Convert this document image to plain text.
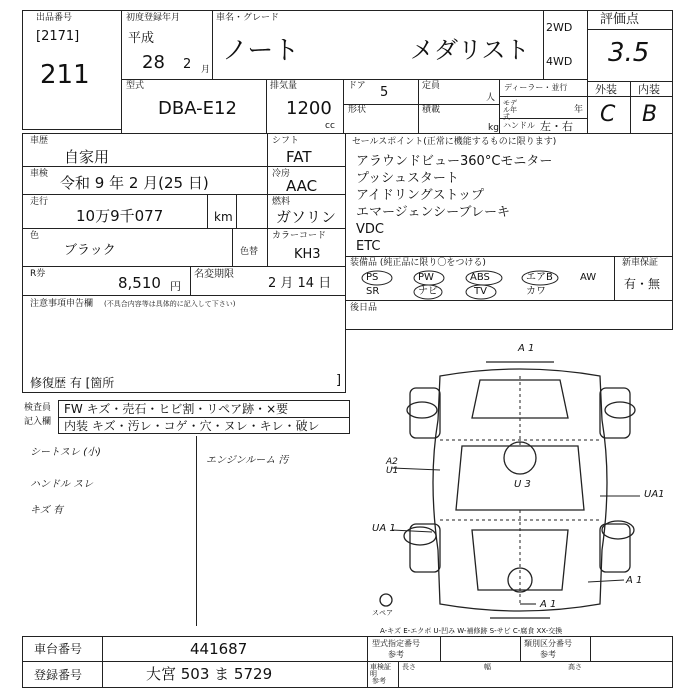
出品番号
[2171]
211
初度登録年月
平成
28 2 月
車名・グレード
ノート	メダリスト
2WD
4WD
評価点
3.5
型式
DBA-E12
排気量
1200
cc
ドア 5
形状
定員
人
積載
kg
ディーラー・並行
モデル年式
年
ハンドル 左・右
外装 内装
C B
車歴
自家用
車検 令和 9 年 2 月(25 日)
走行
10万9千077	km
シフト
FAT
冷房
AAC
燃料
ガソリン
色
ブラック	色替
カラーコード
KH3
R券	8,510 円
名変期限
2 月 14 日
注意事項申告欄 (不具合内容等は具体的に記入して下さい)
修復歴 有 [箇所	]
セールスポイント(正常に機能するものに限ります)
アラウンドビュー360°Cモニター
プッシュスタート
アイドリングストップ
エマージェンシーブレーキ
VDC
ETC
装備品 (純正品に限り〇をつける)	新車保証
PS	PW	ABS	エアB	AW
SR	ナビ	TV	カワ
有・無
後日品
検査員
記入欄
FW キズ・売石・ヒビ割・リペア跡・×要
内装 キズ・汚レ・コゲ・穴・ヌレ・キレ・破レ
シートスレ (小)
ハンドル スレ
キズ 有
エンジンルーム 汚
A 1
U 3
A2 U1
UA1
UA 1
A 1
A 1
スペア
A-キズ E-エクボ U-凹み W-補修跡 S-サビ C-腐食 XX-交換
車台番号	441687
登録番号	大宮 503 ま 5729
型式指定番号
参考
類別区分番号
参考
車検証明
長さ	幅	高さ
参考
